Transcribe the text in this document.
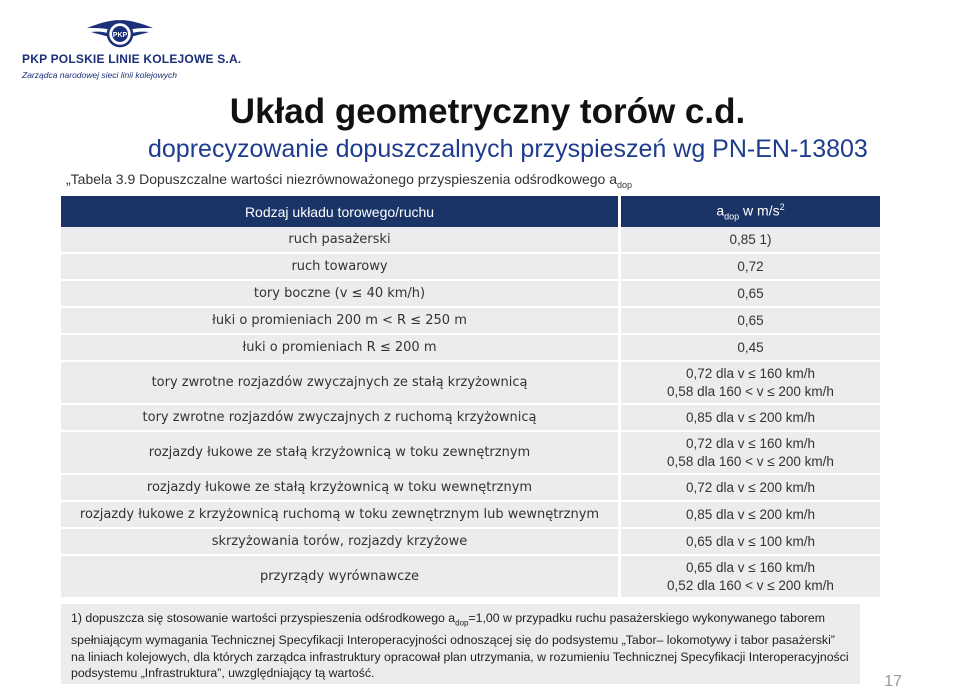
PKP
PKP POLSKIE LINIE KOLEJOWE S.A.
Zarządca narodowej sieci linii kolejowych
Układ geometryczny torów c.d.
doprecyzowanie dopuszczalnych przyspieszeń wg PN-EN-13803
„Tabela 3.9 Dopuszczalne wartości niezrównoważonego przyspieszenia odśrodkowego $a_{dop}$
Rodzaj układu torowego/ruchu	$a_{dop}$ w $m/s^2$
ruch pasażerski	0,85 1)

ruch towarowy	0,72

tory boczne (v ≤ 40 km/h)	0,65

łuki o promieniach 200 m < R ≤ 250 m	0,65

łuki o promieniach R ≤ 200 m	0,45

tory zwrotne rozjazdów zwyczajnych ze stałą krzyżownicą	0,72 dla v ≤ 160 km/h
0,58 dla 160 < v ≤ 200 km/h

tory zwrotne rozjazdów zwyczajnych z ruchomą krzyżownicą	0,85 dla v ≤ 200 km/h

rozjazdy łukowe ze stałą krzyżownicą w toku zewnętrznym	0,72 dla v ≤ 160 km/h
0,58 dla 160 < v ≤ 200 km/h

rozjazdy łukowe ze stałą krzyżownicą w toku wewnętrznym	0,72 dla v ≤ 200 km/h

rozjazdy łukowe z krzyżownicą ruchomą w toku zewnętrznym lub wewnętrznym	0,85 dla v ≤ 200 km/h

skrzyżowania torów, rozjazdy krzyżowe	0,65 dla v ≤ 100 km/h

przyrządy wyrównawcze	0,65 dla v ≤ 160 km/h
0,52 dla 160 < v ≤ 200 km/h
1) dopuszcza się stosowanie wartości przyspieszenia odśrodkowego $a_{dop}=1,00$ w przypadku ruchu pasażerskiego wykonywanego taborem spełniającym wymagania Technicznej Specyfikacji Interoperacyjności odnoszącej się do podsystemu „Tabor– lokomotywy i tabor pasażerski” na liniach kolejowych, dla których zarządca infrastruktury opracował plan utrzymania, w rozumieniu Technicznej Specyfikacji Interoperacyjności podsystemu „Infrastruktura”, uwzględniający tą wartość.	17
